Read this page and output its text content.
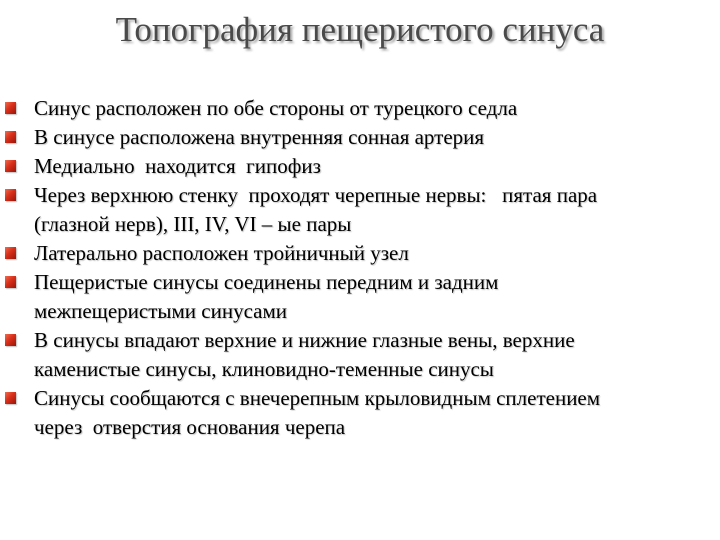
Топография пещеристого синуса
Синус расположен по обе стороны от турецкого седла
В синусе расположена внутренняя сонная артерия
Медиально  находится  гипофиз
Через верхнюю стенку  проходят черепные нервы:   пятая пара
(глазной нерв), III, IV, VI – ые пары
Латерально расположен тройничный узел
Пещеристые синусы соединены передним и задним
межпещеристыми синусами
В синусы впадают верхние и нижние глазные вены, верхние
каменистые синусы, клиновидно-теменные синусы
Синусы сообщаются с внечерепным крыловидным сплетением
через  отверстия основания черепа
